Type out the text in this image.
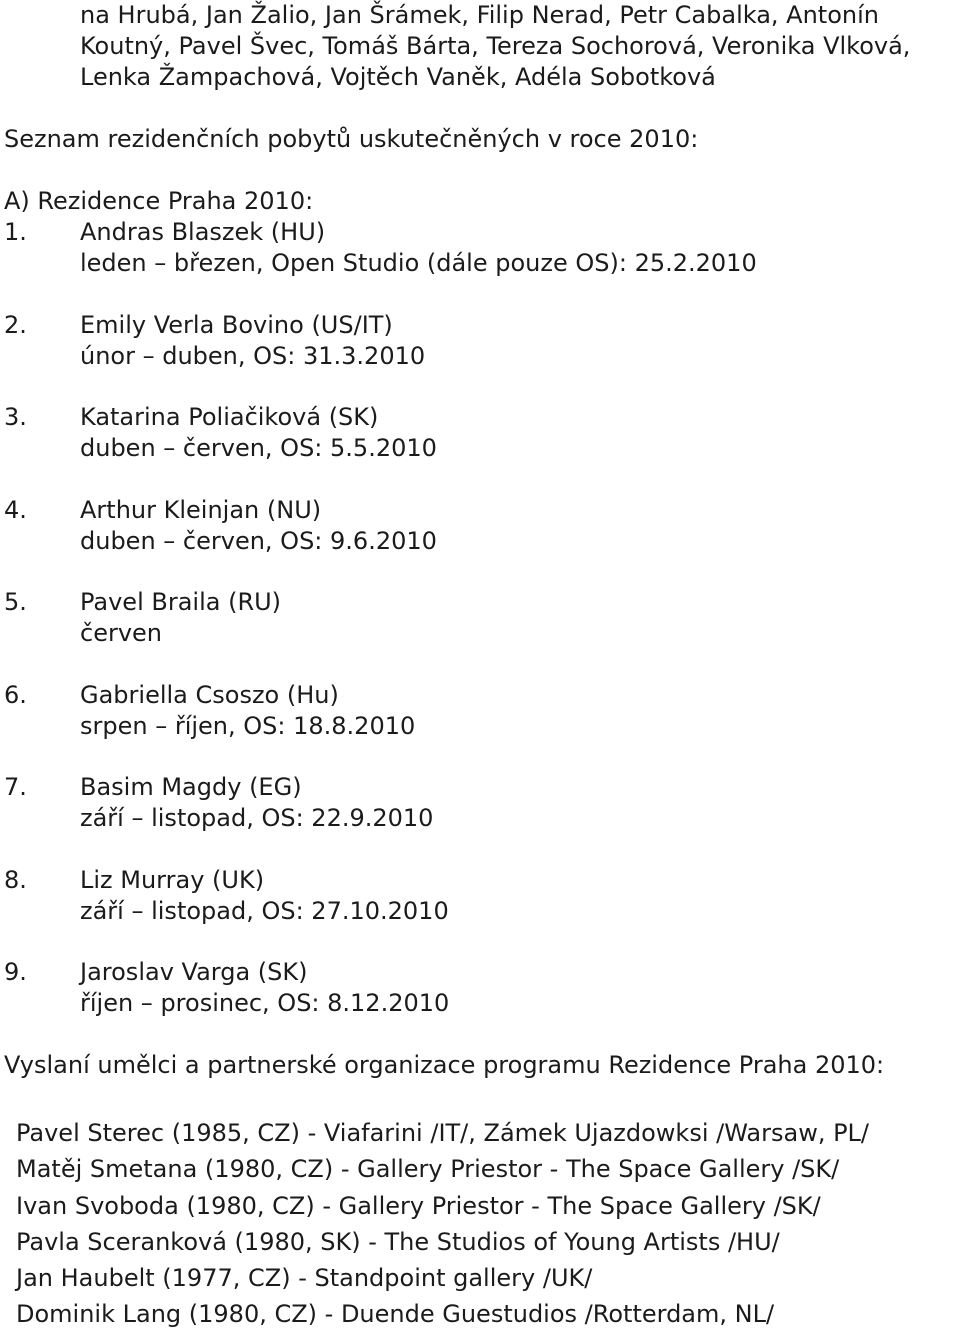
na Hrubá, Jan Žalio, Jan Šrámek, Filip Nerad, Petr Cabalka, Antonín
Koutný, Pavel Švec, Tomáš Bárta, Tereza Sochorová, Veronika Vlková,
Lenka Žampachová, Vojtěch Vaněk, Adéla Sobotková
Seznam rezidenčních pobytů uskutečněných v roce 2010:
A) Rezidence Praha 2010:
1. Andras Blaszek (HU)
leden – březen, Open Studio (dále pouze OS): 25.2.2010
2. Emily Verla Bovino (US/IT)
únor – duben, OS: 31.3.2010
3. Katarina Poliačiková (SK)
duben – červen, OS: 5.5.2010
4. Arthur Kleinjan (NU)
duben – červen, OS: 9.6.2010
5. Pavel Braila (RU)
červen
6. Gabriella Csoszo (Hu)
srpen – říjen, OS: 18.8.2010
7. Basim Magdy (EG)
září – listopad, OS: 22.9.2010
8. Liz Murray (UK)
září – listopad, OS: 27.10.2010
9. Jaroslav Varga (SK)
říjen – prosinec, OS: 8.12.2010
Vyslaní umělci a partnerské organizace programu Rezidence Praha 2010:
Pavel Sterec (1985, CZ) - Viafarini /IT/, Zámek Ujazdowksi /Warsaw, PL/
Matěj Smetana (1980, CZ) - Gallery Priestor - The Space Gallery /SK/
Ivan Svoboda (1980, CZ) - Gallery Priestor - The Space Gallery /SK/
Pavla Sceranková (1980, SK) - The Studios of Young Artists /HU/
Jan Haubelt (1977, CZ) - Standpoint gallery /UK/
Dominik Lang (1980, CZ) - Duende Guestudios /Rotterdam, NL/
